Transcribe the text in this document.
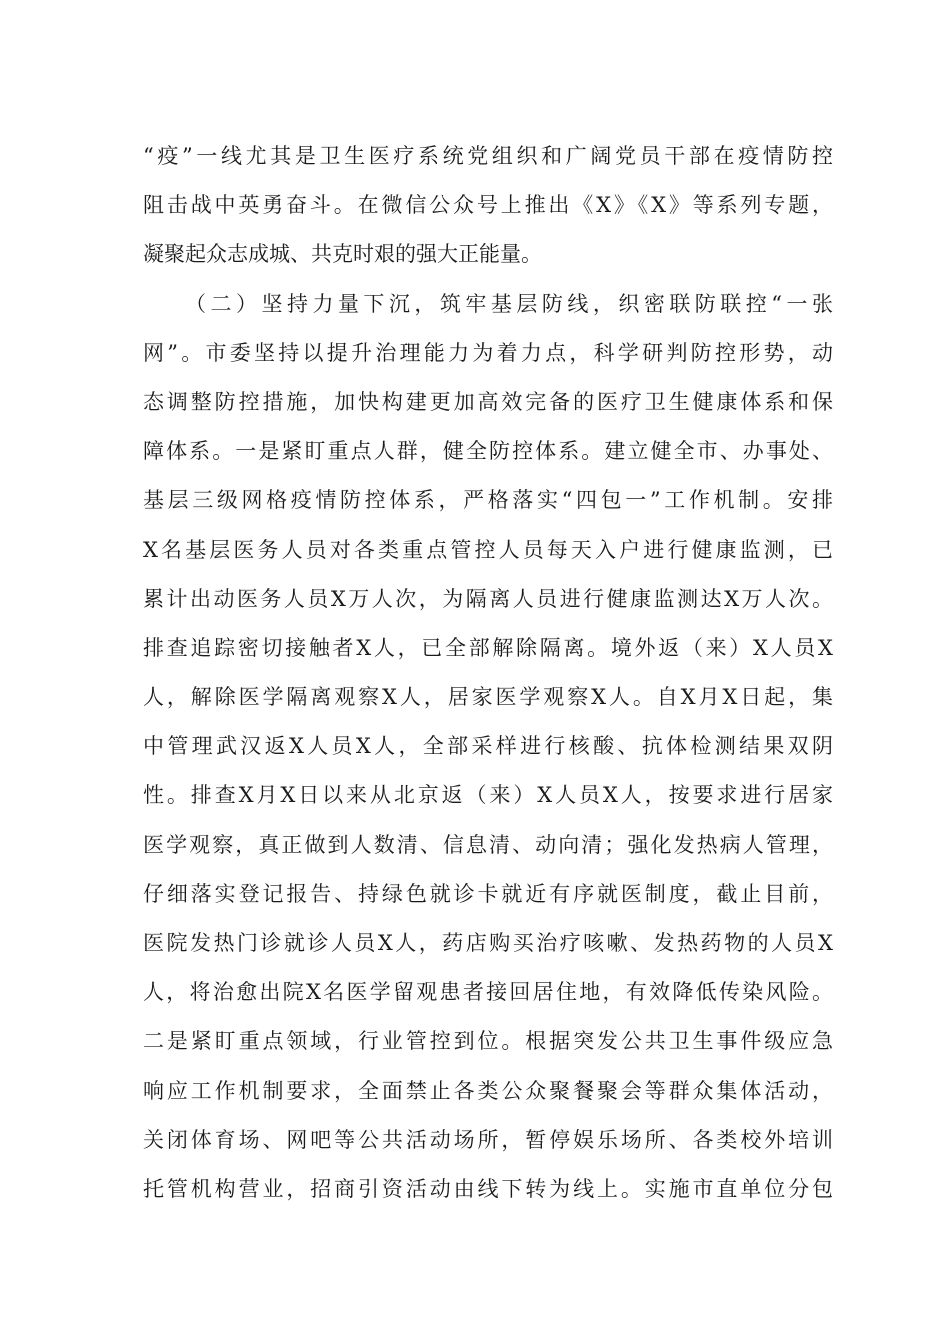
“疫”一线尤其是卫生医疗系统党组织和广阔党员干部在疫情防控
阻击战中英勇奋斗。在微信公众号上推出《X》《X》等系列专题，
凝聚起众志成城、共克时艰的强大正能量。
（二）坚持力量下沉，筑牢基层防线，织密联防联控“一张
网”。市委坚持以提升治理能力为着力点，科学研判防控形势，动
态调整防控措施，加快构建更加高效完备的医疗卫生健康体系和保
障体系。一是紧盯重点人群，健全防控体系。建立健全市、办事处、
基层三级网格疫情防控体系，严格落实“四包一”工作机制。安排
X名基层医务人员对各类重点管控人员每天入户进行健康监测，已
累计出动医务人员X万人次，为隔离人员进行健康监测达X万人次。
排查追踪密切接触者X人，已全部解除隔离。境外返（来）X人员X
人，解除医学隔离观察X人，居家医学观察X人。自X月X日起，集
中管理武汉返X人员X人，全部采样进行核酸、抗体检测结果双阴
性。排查X月X日以来从北京返（来）X人员X人，按要求进行居家
医学观察，真正做到人数清、信息清、动向清；强化发热病人管理，
仔细落实登记报告、持绿色就诊卡就近有序就医制度，截止目前，
医院发热门诊就诊人员X人，药店购买治疗咳嗽、发热药物的人员X
人，将治愈出院X名医学留观患者接回居住地，有效降低传染风险。
二是紧盯重点领域，行业管控到位。根据突发公共卫生事件级应急
响应工作机制要求，全面禁止各类公众聚餐聚会等群众集体活动，
关闭体育场、网吧等公共活动场所，暂停娱乐场所、各类校外培训
托管机构营业，招商引资活动由线下转为线上。实施市直单位分包
